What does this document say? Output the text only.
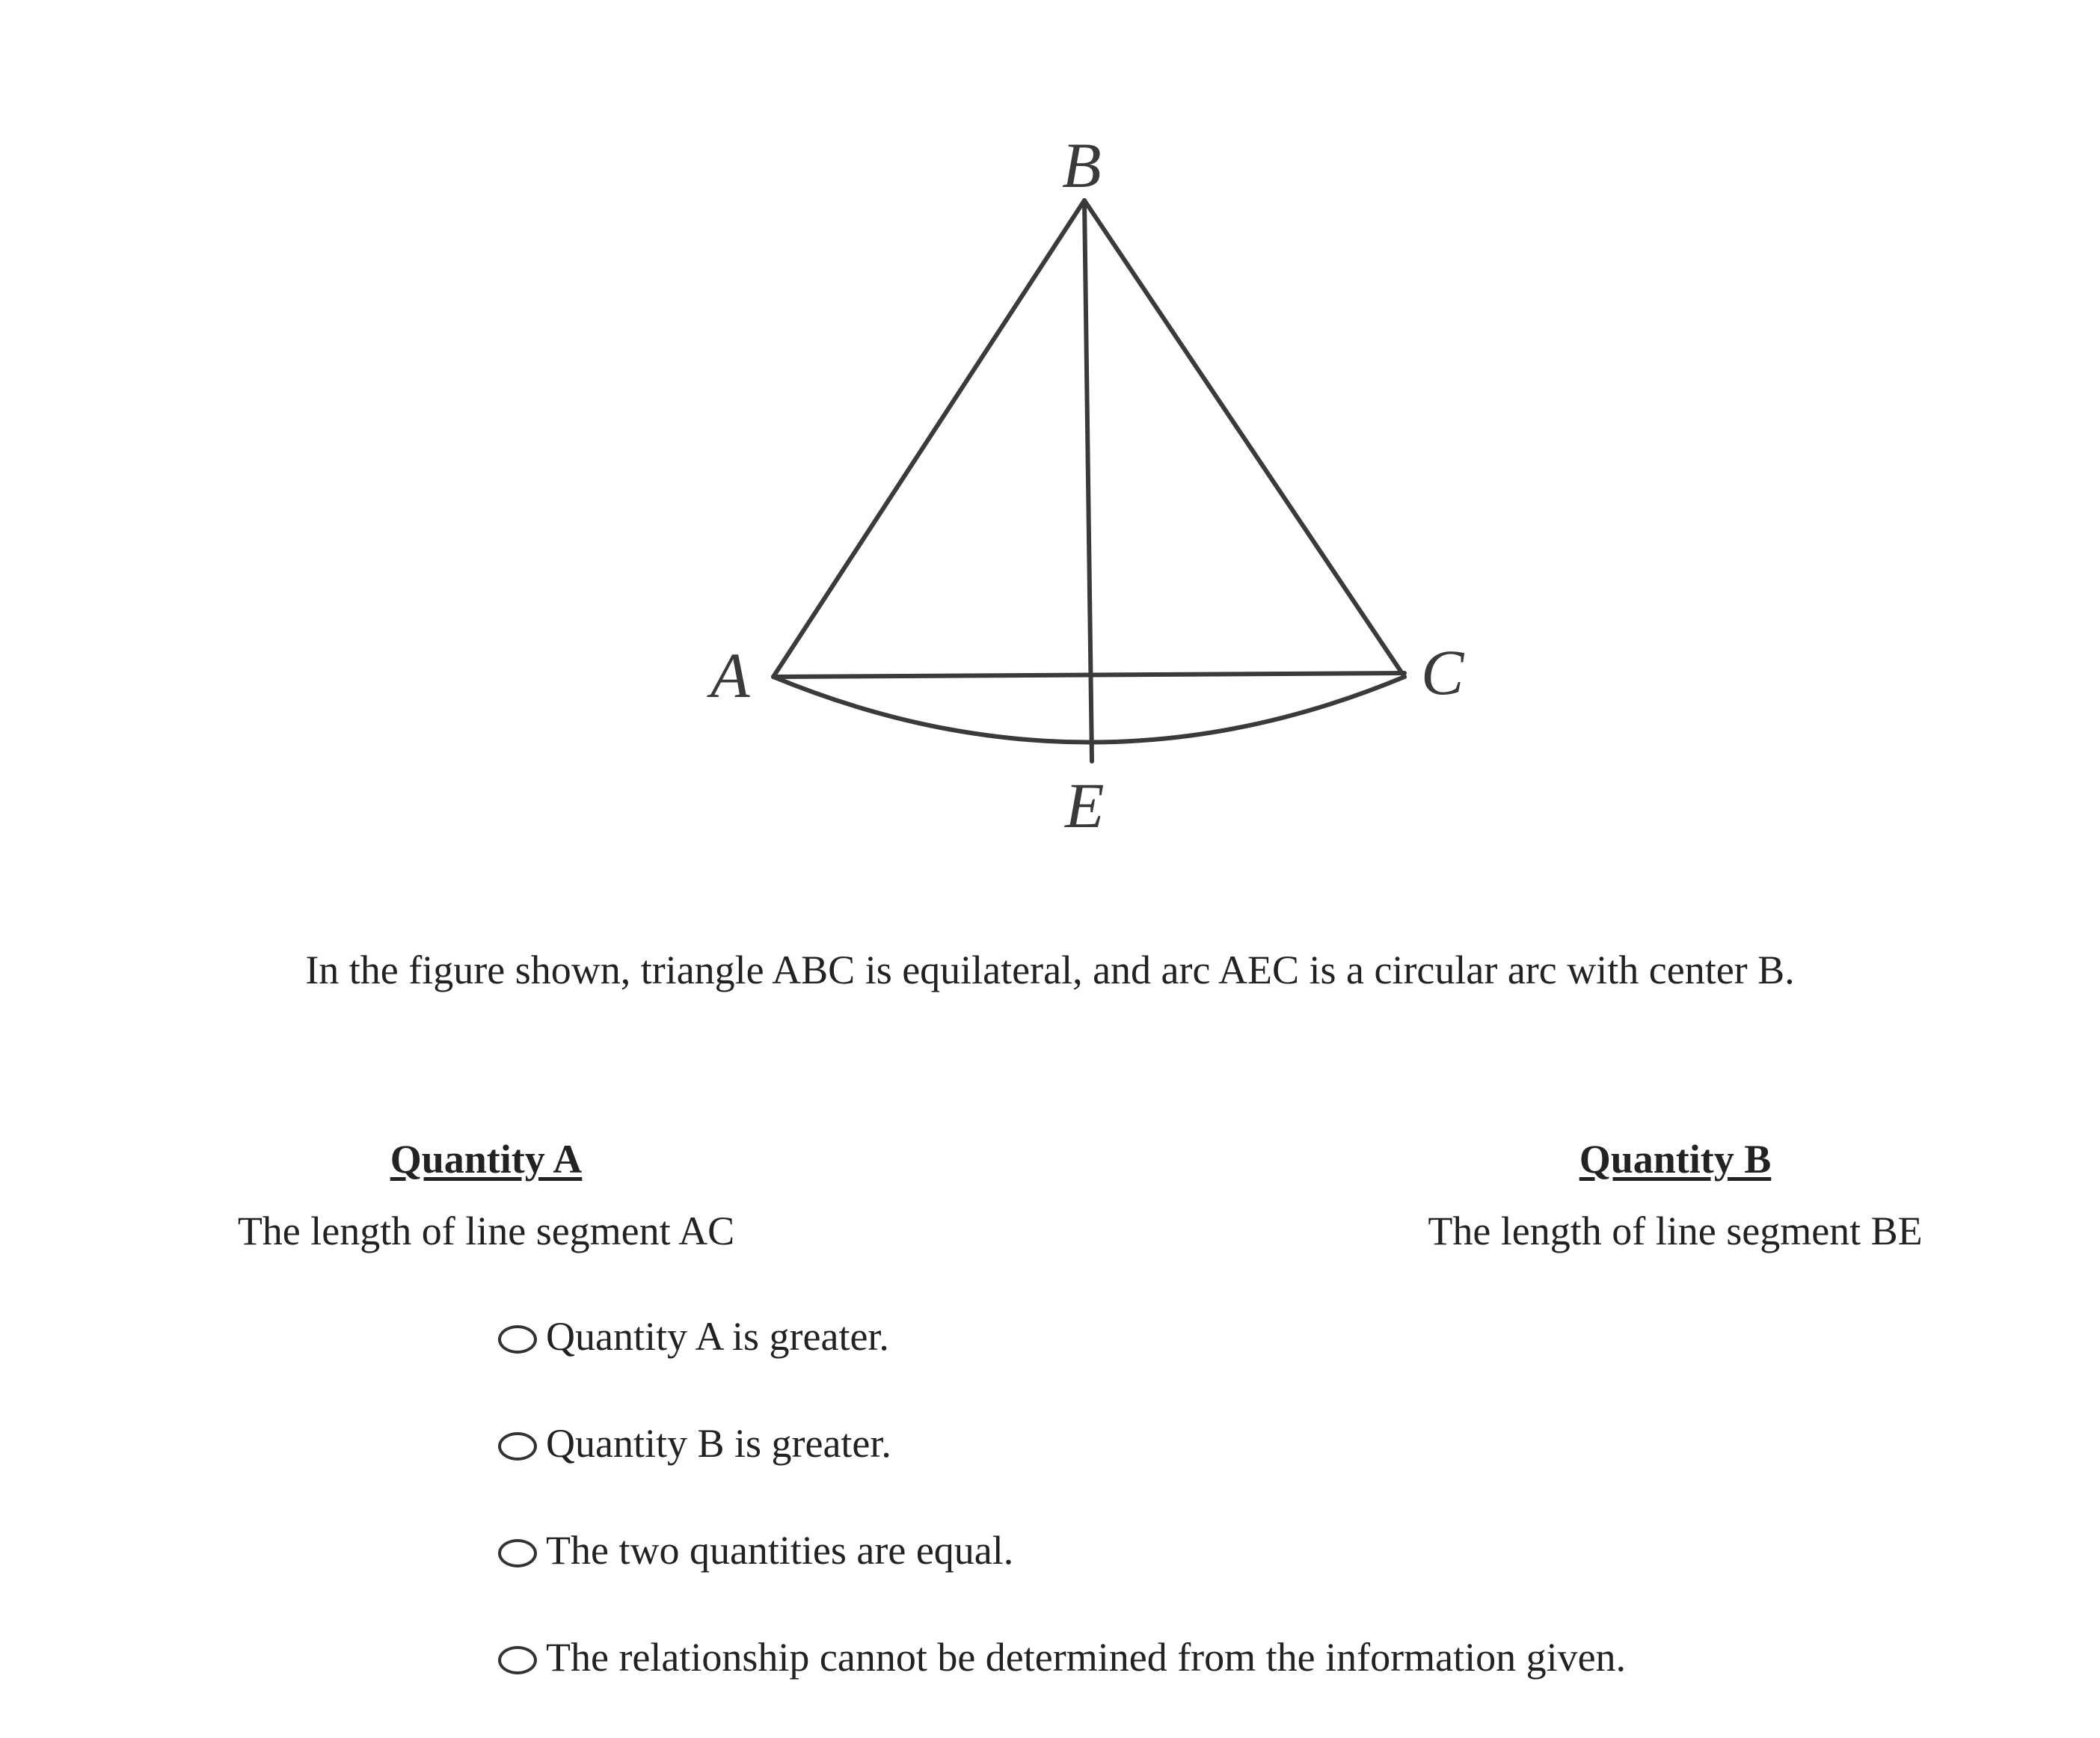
B
A	C
E
In the figure shown, triangle ABC is equilateral, and arc AEC is a circular arc with center B.
Quantity A
The length of line segment AC
Quantity B
The length of line segment BE
Quantity A is greater.
Quantity B is greater.
The two quantities are equal.
The relationship cannot be determined from the information given.
